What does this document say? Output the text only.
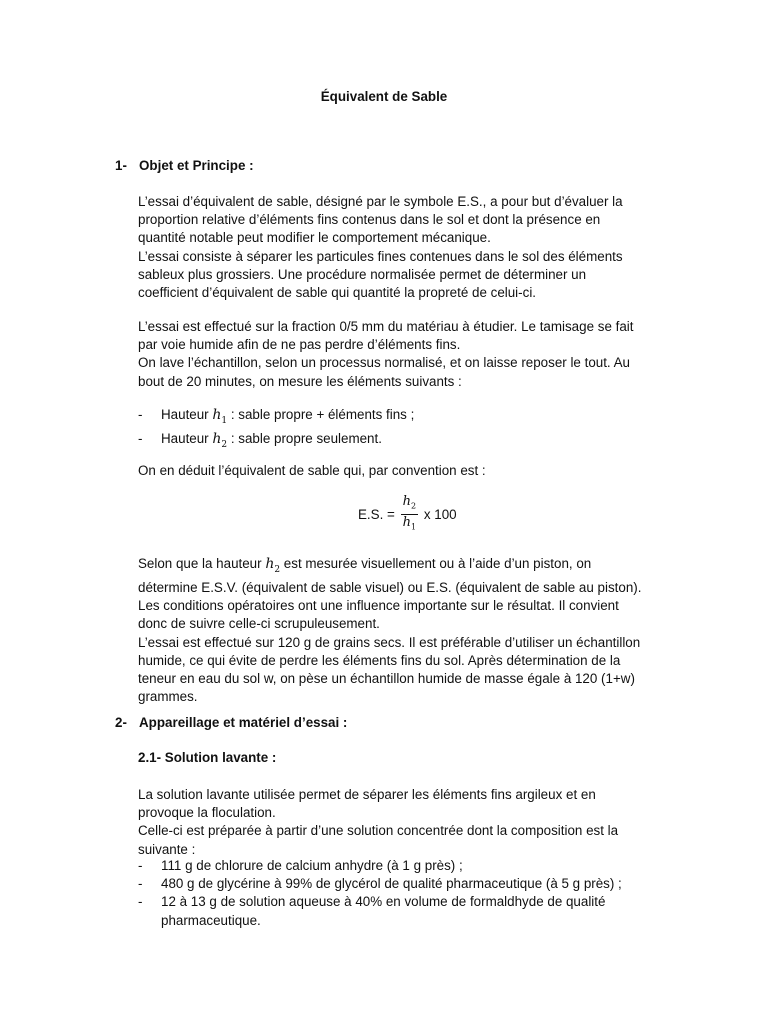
Équivalent de Sable
1- Objet et Principe :

L’essai d’équivalent de sable, désigné par le symbole E.S., a pour but d’évaluer la
proportion relative d’éléments fins contenus dans le sol et dont la présence en
quantité notable peut modifier le comportement mécanique.
L’essai consiste à séparer les particules fines contenues dans le sol des éléments
sableux plus grossiers. Une procédure normalisée permet de déterminer un
coefficient d’équivalent de sable qui quantité la propreté de celui-ci.

L’essai est effectué sur la fraction 0/5 mm du matériau à étudier. Le tamisage se fait
par voie humide afin de ne pas perdre d’éléments fins.
On lave l’échantillon, selon un processus normalisé, et on laisse reposer le tout. Au
bout de 20 minutes, on mesure les éléments suivants :

- Hauteur $h_1$ : sable propre + éléments fins ;
- Hauteur $h_2$ : sable propre seulement.

On en déduit l’équivalent de sable qui, par convention est :

E.S. = $\frac{h_2}{h_1}$ x 100

Selon que la hauteur $h_2$ est mesurée visuellement ou à l’aide d’un piston, on
détermine E.S.V. (équivalent de sable visuel) ou E.S. (équivalent de sable au piston).
Les conditions opératoires ont une influence importante sur le résultat. Il convient
donc de suivre celle-ci scrupuleusement.
L’essai est effectué sur 120 g de grains secs. Il est préférable d’utiliser un échantillon
humide, ce qui évite de perdre les éléments fins du sol. Après détermination de la
teneur en eau du sol w, on pèse un échantillon humide de masse égale à 120 (1+w)
grammes.

2- Appareillage et matériel d’essai :
2.1- Solution lavante :

La solution lavante utilisée permet de séparer les éléments fins argileux et en
provoque la floculation.
Celle-ci est préparée à partir d’une solution concentrée dont la composition est la
suivante :

- 111 g de chlorure de calcium anhydre (à 1 g près) ;
- 480 g de glycérine à 99% de glycérol de qualité pharmaceutique (à 5 g près) ;
- 12 à 13 g de solution aqueuse à 40% en volume de formaldhyde de qualité
pharmaceutique.
